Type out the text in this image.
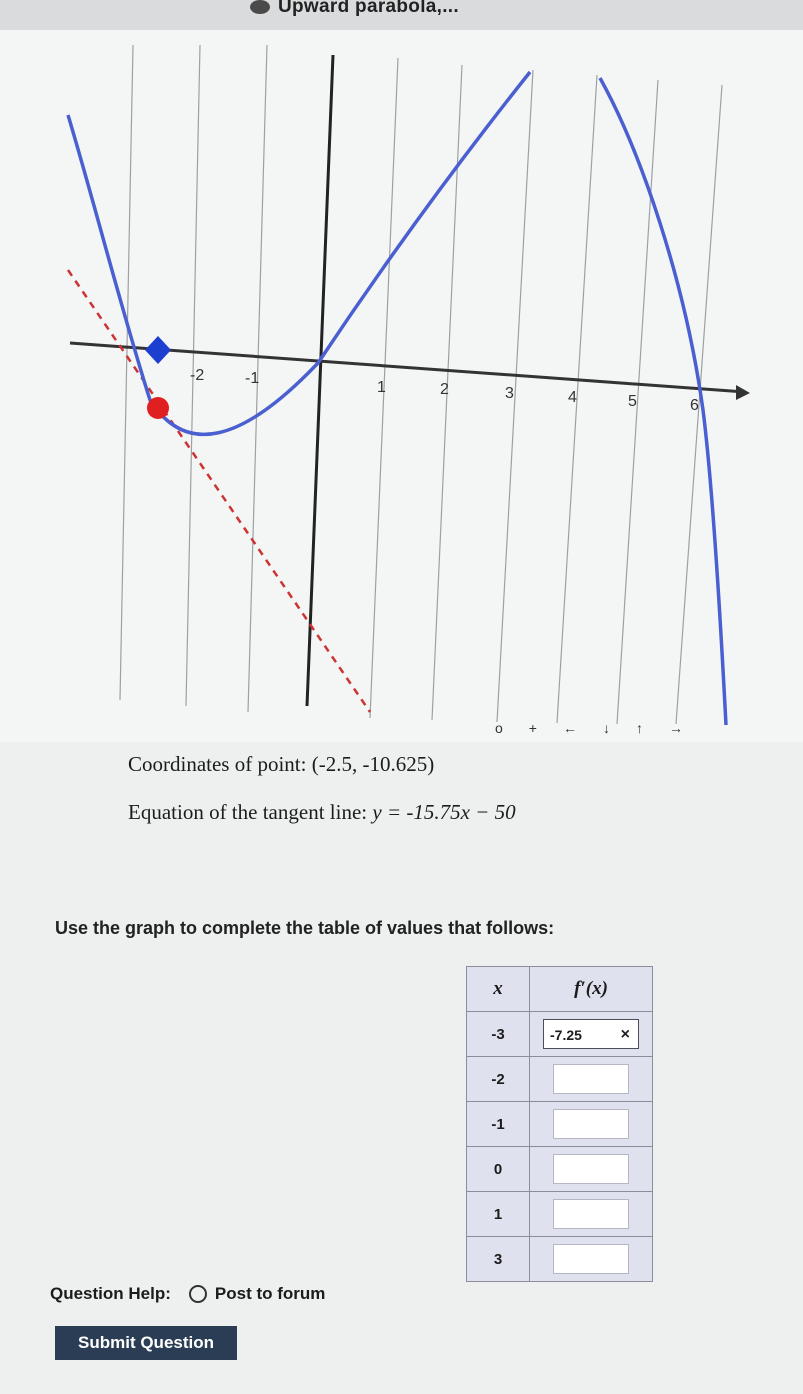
Upward parabola,...
-2	-1
1	2	3	4	5	6
o + ← ↓ ↑ →
Coordinates of point: (-2.5, -10.625)
Equation of the tangent line: y = -15.75x − 50
Use the graph to complete the table of values that follows:
x	f′(x)
-3	-7.25 ×

-2	
-1	
0	
1	
3	
Question Help:	Post to forum
Submit Question
